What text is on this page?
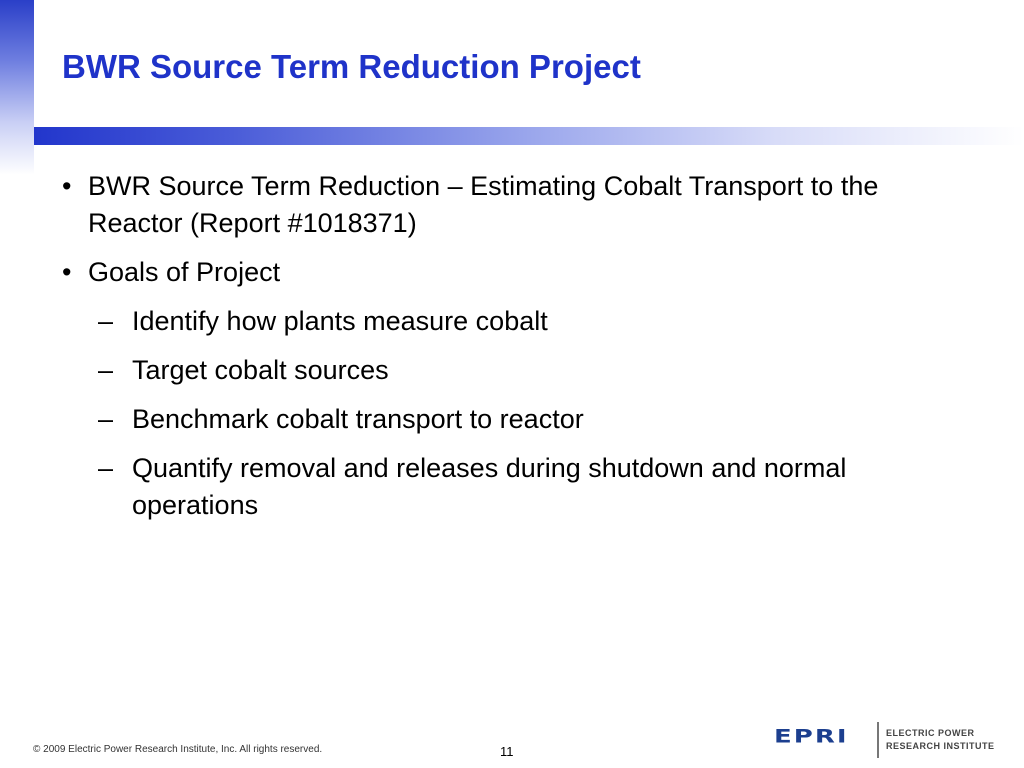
BWR Source Term Reduction Project
• BWR Source Term Reduction – Estimating Cobalt Transport to the Reactor (Report #1018371)
• Goals of Project
– Identify how plants measure cobalt
– Target cobalt sources
– Benchmark cobalt transport to reactor
– Quantify removal and releases during shutdown and normal operations
© 2009 Electric Power Research Institute, Inc. All rights reserved.	11
EPRI	ELECTRIC POWER
RESEARCH INSTITUTE
